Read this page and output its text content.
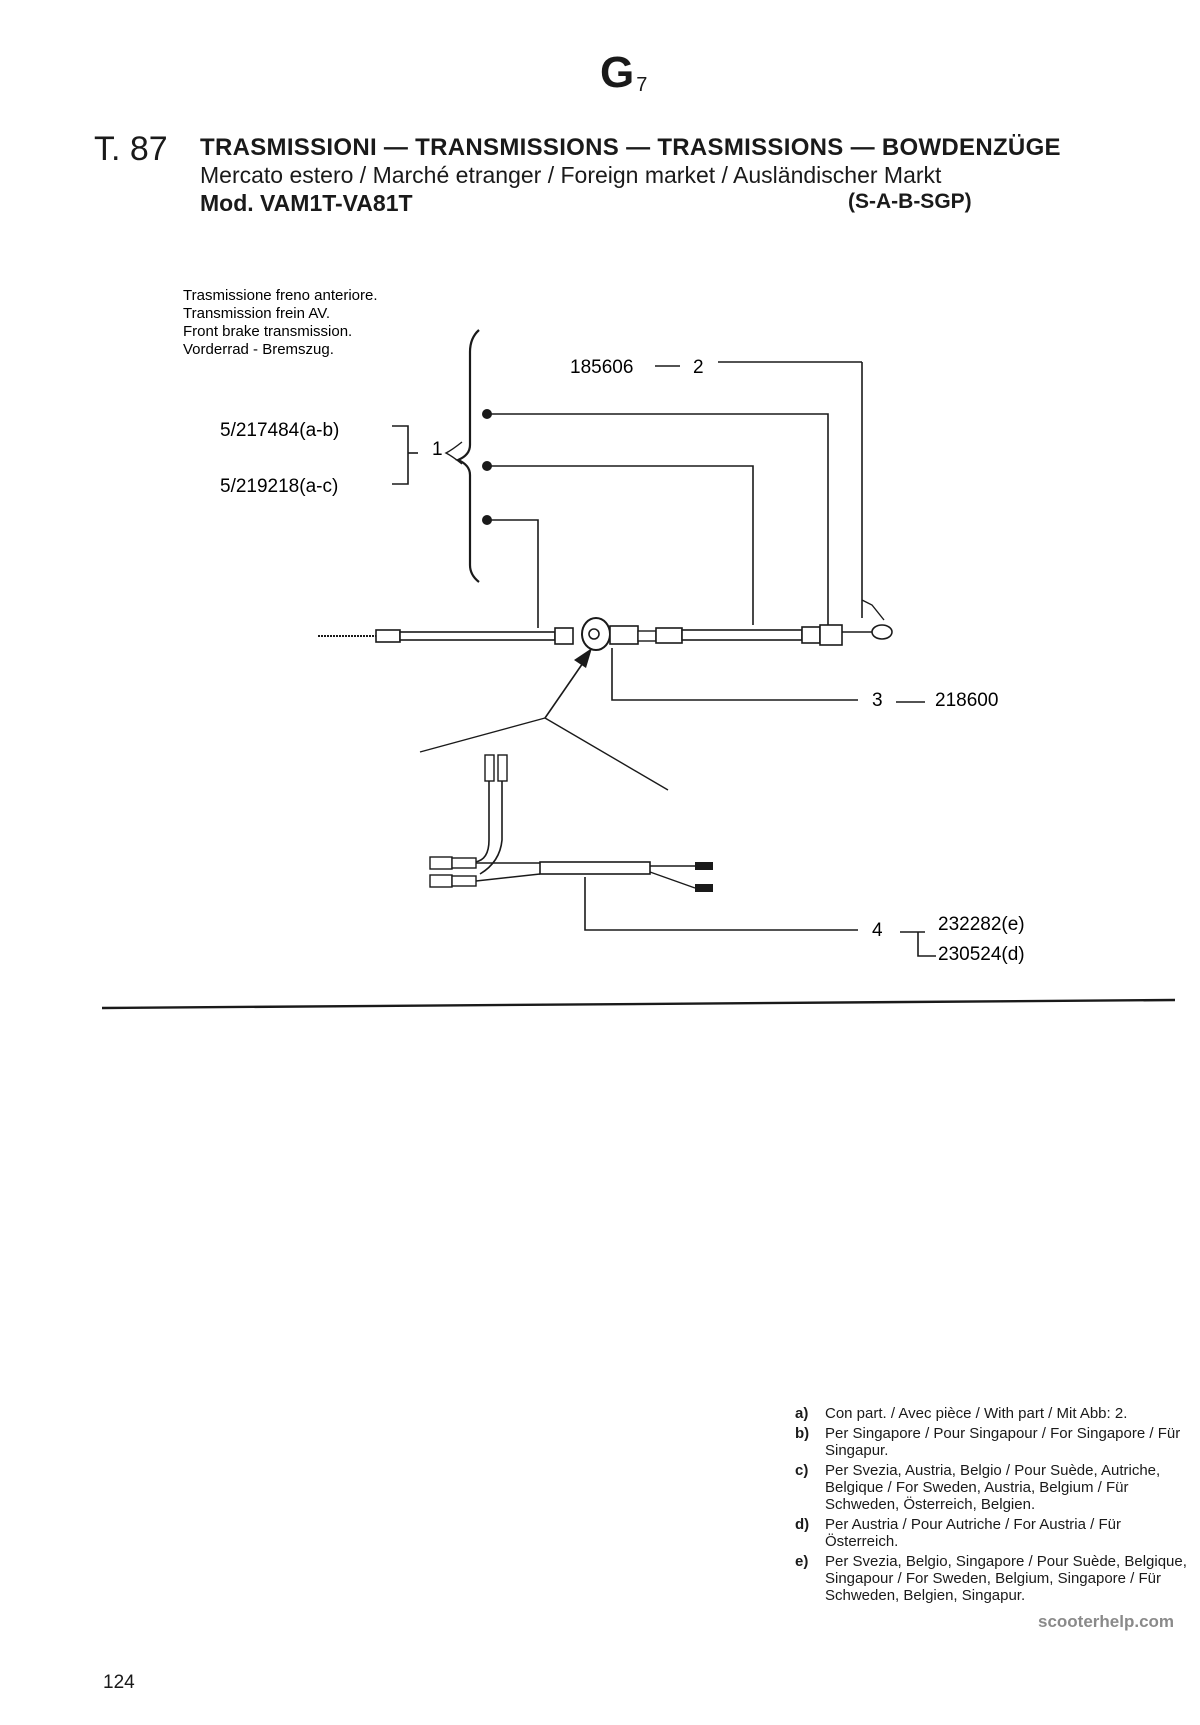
G $_7$
T. 87 TRASMISSIONI — TRANSMISSIONS — TRASMISSIONS — BOWDENZÜGE
Mercato estero / Marché etranger / Foreign market / Ausländischer Markt
Mod. VAM1T-VA81T	(S-A-B-SGP)
Trasmissione freno anteriore.
Transmission frein AV.
Front brake transmission.
Vorderrad - Bremszug.
5/217484(a-b)
5/219218(a-c)
1
185606	2
3	218600
4	232282(e)
230524(d)
a)	Con part. / Avec pièce / With part / Mit Abb: 2.
b)	Per Singapore / Pour Singapour / For Singapore / Für Singapur.
c)	Per Svezia, Austria, Belgio / Pour Suède, Autriche, Belgique / For Sweden, Austria, Belgium / Für Schweden, Österreich, Belgien.
d)	Per Austria / Pour Autriche / For Austria / Für Österreich.
e)	Per Svezia, Belgio, Singapore / Pour Suède, Belgique, Singapour / For Sweden, Belgium, Singapore / Für Schweden, Belgien, Singapur.
124
scooterhelp.com
